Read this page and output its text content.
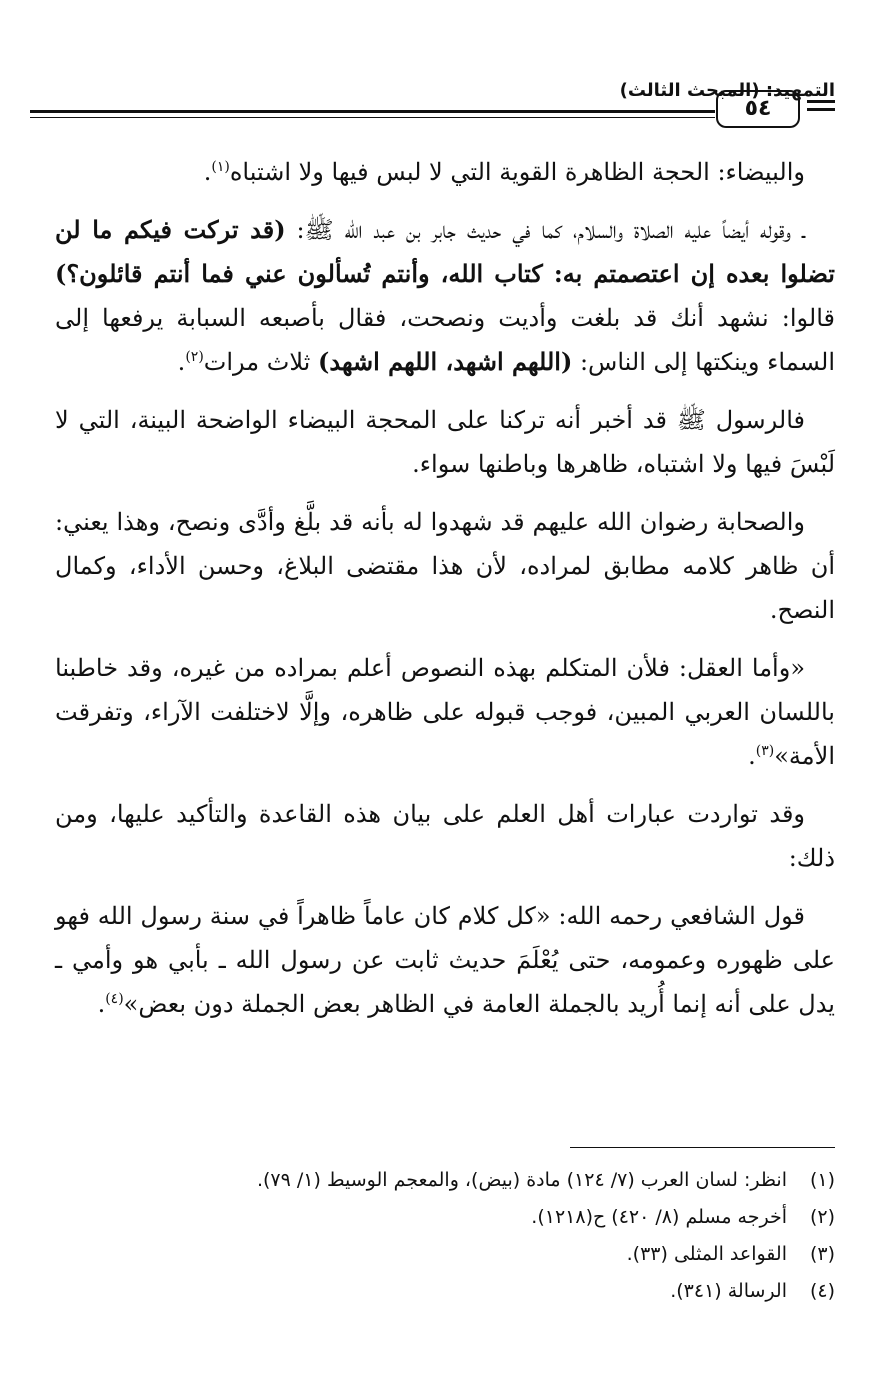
التمهيد: (المبحث الثالث)
٥٤

والبيضاء: الحجة الظاهرة القوية التي لا لبس فيها ولا اشتباه$^{(١)}$.

ـ وقوله أيضاً عليه الصلاة والسلام، كما في حديث جابر بن عبد الله ﷺ: (قد تركت فيكم ما لن تضلوا بعده إن اعتصمتم به: كتاب الله، وأنتم تُسألون عني فما أنتم قائلون؟) قالوا: نشهد أنك قد بلغت وأديت ونصحت، فقال بأصبعه السبابة يرفعها إلى السماء وينكتها إلى الناس: (اللهم اشهد، اللهم اشهد) ثلاث مرات$^{(٢)}$.

فالرسول ﷺ قد أخبر أنه تركنا على المحجة البيضاء الواضحة البينة، التي لا لَبْسَ فيها ولا اشتباه، ظاهرها وباطنها سواء.

والصحابة رضوان الله عليهم قد شهدوا له بأنه قد بلَّغ وأدَّى ونصح، وهذا يعني: أن ظاهر كلامه مطابق لمراده، لأن هذا مقتضى البلاغ، وحسن الأداء، وكمال النصح.

«وأما العقل: فلأن المتكلم بهذه النصوص أعلم بمراده من غيره، وقد خاطبنا باللسان العربي المبين، فوجب قبوله على ظاهره، وإلَّا لاختلفت الآراء، وتفرقت الأمة»$^{(٣)}$.

وقد تواردت عبارات أهل العلم على بيان هذه القاعدة والتأكيد عليها، ومن ذلك:

قول الشافعي رحمه الله: «كل كلام كان عاماً ظاهراً في سنة رسول الله فهو على ظهوره وعمومه، حتى يُعْلَمَ حديث ثابت عن رسول الله ـ بأبي هو وأمي ـ يدل على أنه إنما أُريد بالجملة العامة في الظاهر بعض الجملة دون بعض»$^{(٤)}$.

(١)انظر: لسان العرب (٧/ ١٢٤) مادة (بيض)، والمعجم الوسيط (١/ ٧٩).
(٢)أخرجه مسلم (٨/ ٤٢٠) ح(١٢١٨).
(٣)القواعد المثلى (٣٣).
(٤)الرسالة (٣٤١).
